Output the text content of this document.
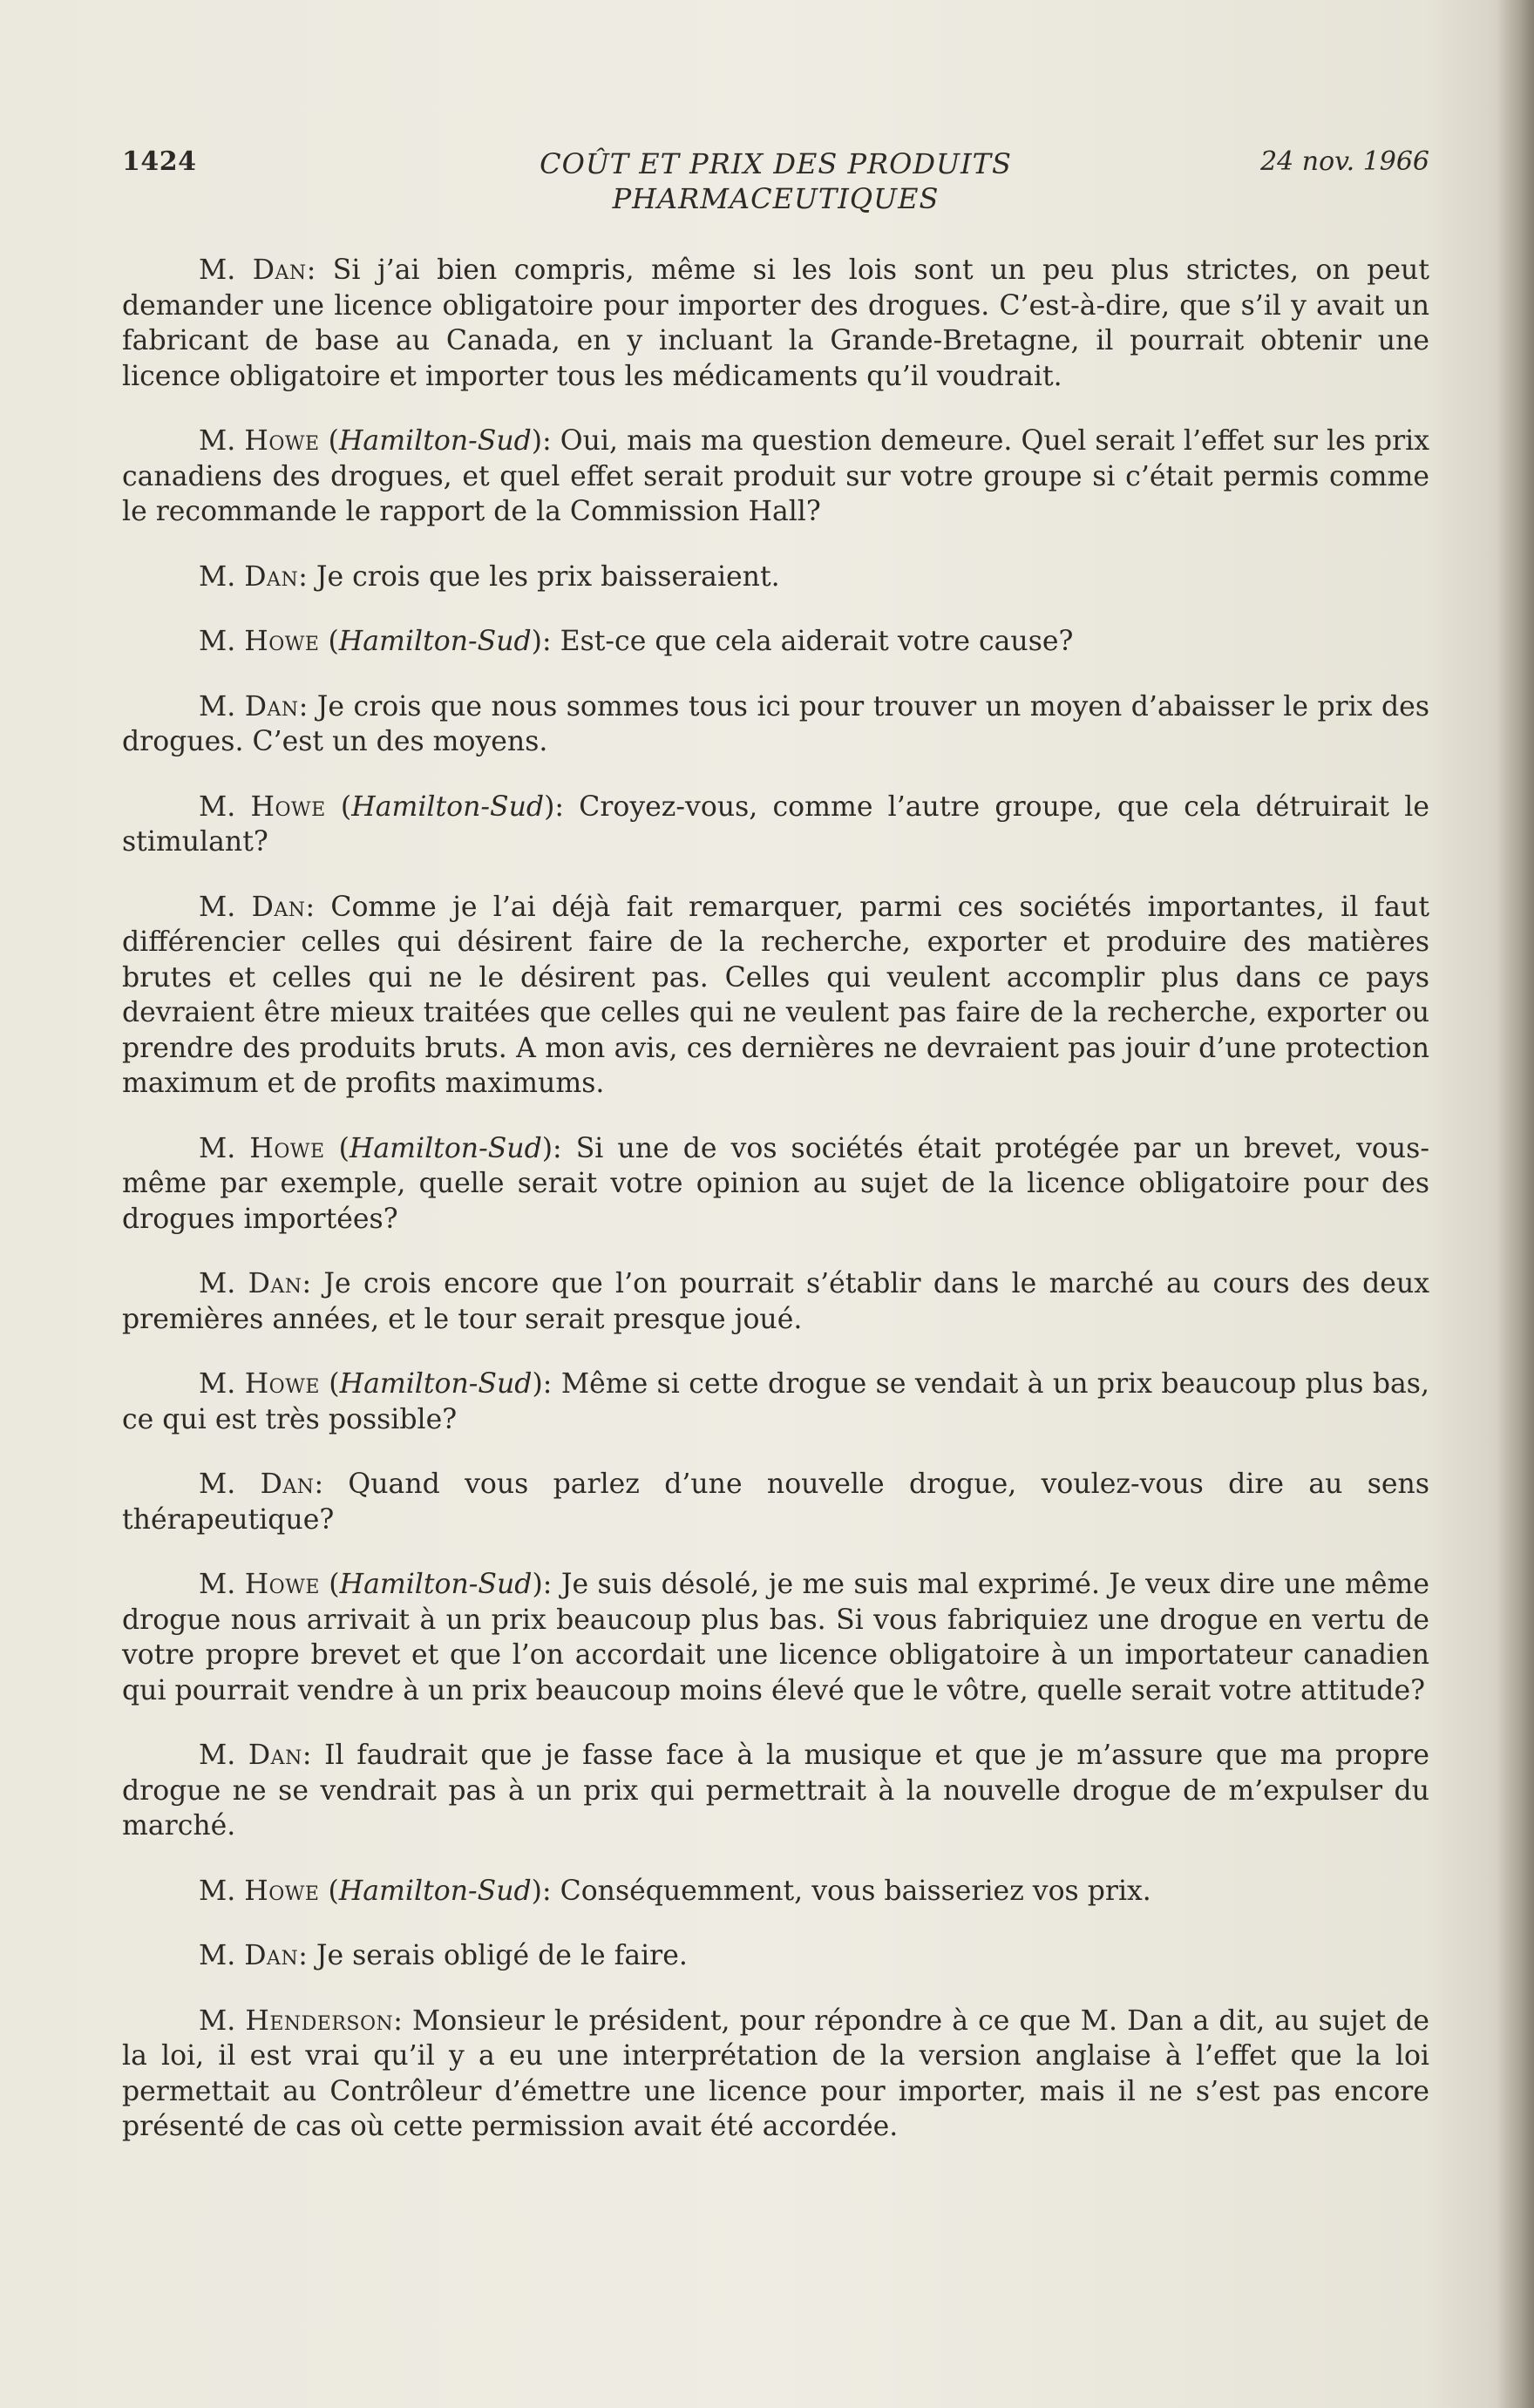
1424	COÛT ET PRIX DES PRODUITS
PHARMACEUTIQUES
24 nov. 1966

M. Dan: Si j’ai bien compris, même si les lois sont un peu plus strictes, on peut demander une licence obligatoire pour importer des drogues. C’est-à-dire, que s’il y avait un fabricant de base au Canada, en y incluant la Grande-Bretagne, il pourrait obtenir une licence obligatoire et importer tous les médicaments qu’il voudrait.

M. Howe (Hamilton-Sud): Oui, mais ma question demeure. Quel serait l’effet sur les prix canadiens des drogues, et quel effet serait produit sur votre groupe si c’était permis comme le recommande le rapport de la Commission Hall?

M. Dan: Je crois que les prix baisseraient.

M. Howe (Hamilton-Sud): Est-ce que cela aiderait votre cause?

M. Dan: Je crois que nous sommes tous ici pour trouver un moyen d’abaisser le prix des drogues. C’est un des moyens.

M. Howe (Hamilton-Sud): Croyez-vous, comme l’autre groupe, que cela détruirait le stimulant?

M. Dan: Comme je l’ai déjà fait remarquer, parmi ces sociétés importantes, il faut différencier celles qui désirent faire de la recherche, exporter et produire des matières brutes et celles qui ne le désirent pas. Celles qui veulent accomplir plus dans ce pays devraient être mieux traitées que celles qui ne veulent pas faire de la recherche, exporter ou prendre des produits bruts. A mon avis, ces dernières ne devraient pas jouir d’une protection maximum et de profits maximums.

M. Howe (Hamilton-Sud): Si une de vos sociétés était protégée par un brevet, vous-même par exemple, quelle serait votre opinion au sujet de la licence obligatoire pour des drogues importées?

M. Dan: Je crois encore que l’on pourrait s’établir dans le marché au cours des deux premières années, et le tour serait presque joué.

M. Howe (Hamilton-Sud): Même si cette drogue se vendait à un prix beaucoup plus bas, ce qui est très possible?

M. Dan: Quand vous parlez d’une nouvelle drogue, voulez-vous dire au sens thérapeutique?

M. Howe (Hamilton-Sud): Je suis désolé, je me suis mal exprimé. Je veux dire une même drogue nous arrivait à un prix beaucoup plus bas. Si vous fabriquiez une drogue en vertu de votre propre brevet et que l’on accordait une licence obligatoire à un importateur canadien qui pourrait vendre à un prix beaucoup moins élevé que le vôtre, quelle serait votre attitude?

M. Dan: Il faudrait que je fasse face à la musique et que je m’assure que ma propre drogue ne se vendrait pas à un prix qui permettrait à la nouvelle drogue de m’expulser du marché.

M. Howe (Hamilton-Sud): Conséquemment, vous baisseriez vos prix.

M. Dan: Je serais obligé de le faire.

M. Henderson: Monsieur le président, pour répondre à ce que M. Dan a dit, au sujet de la loi, il est vrai qu’il y a eu une interprétation de la version anglaise à l’effet que la loi permettait au Contrôleur d’émettre une licence pour importer, mais il ne s’est pas encore présenté de cas où cette permission avait été accordée.
